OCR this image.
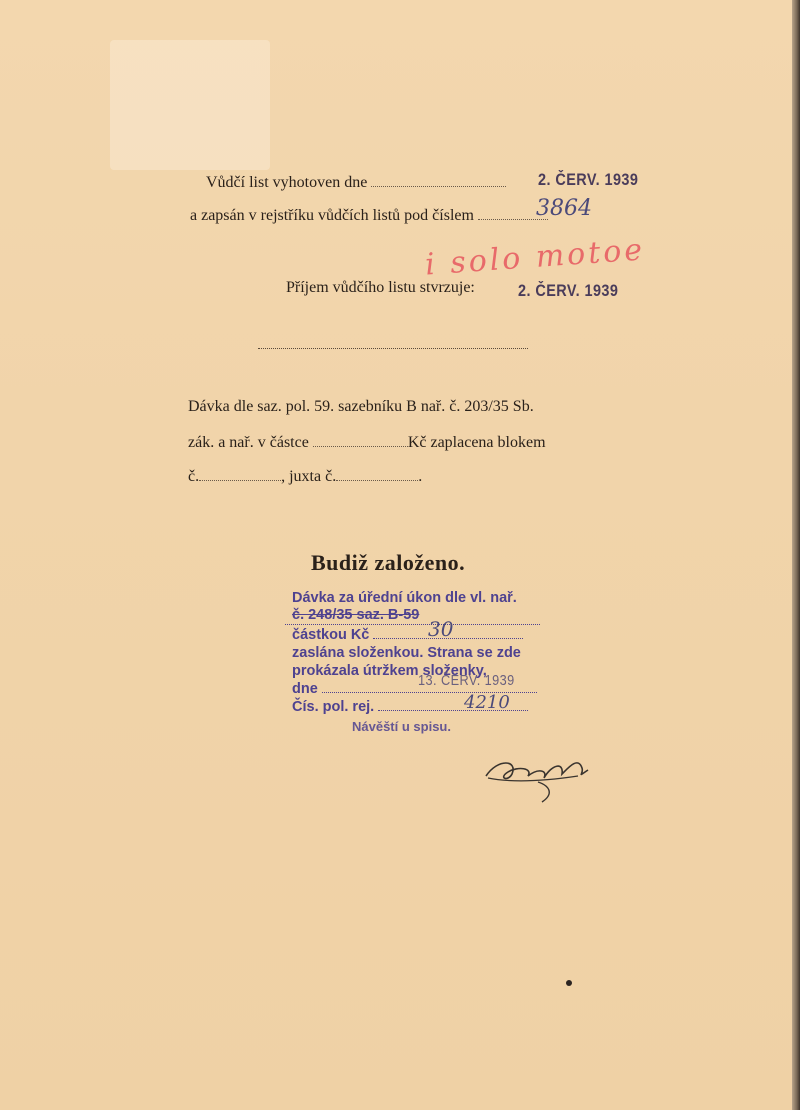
Vůdčí list vyhotoven dne	2. ČERV. 1939
a zapsán v rejstříku vůdčích listů pod číslem	3864
i solo motoe
Příjem vůdčího listu stvrzuje:	2. ČERV. 1939
Dávka dle saz. pol. 59. sazebníku B nař. č. 203/35 Sb.
zák. a nař. v částce	Kč zaplacena blokem
č.	, juxta č.	.
Budiž založeno.
Dávka za úřední úkon dle vl. nař.
č. 248/35 saz. B-59
částkou Kč	30
zaslána složenkou. Strana se zde
prokázala útržkem složenky,
dne	13. ČERV. 1939
Čís. pol. rej.	4210
Návěští u spisu.
